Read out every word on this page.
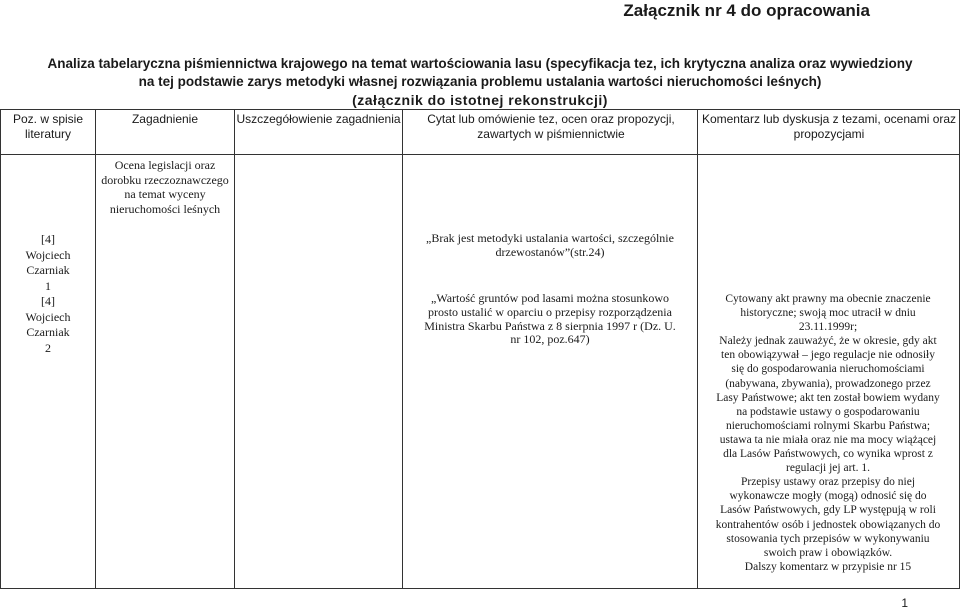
Załącznik nr 4 do opracowania
Analiza tabelaryczna piśmiennictwa krajowego na temat wartościowania lasu (specyfikacja tez, ich krytyczna analiza oraz wywiedziony
na tej podstawie zarys metodyki własnej rozwiązania problemu ustalania wartości nieruchomości leśnych)
(załącznik do istotnej rekonstrukcji)
Poz. w spisie literatury
Zagadnienie	Uszczegółowienie zagadnienia	Cytat lub omówienie tez, ocen oraz propozycji, zawartych w piśmiennictwie
Komentarz lub dyskusja z tezami, ocenami oraz propozycjami
[4]
Wojciech
Czarniak
1
[4]
Wojciech
Czarniak
2
Ocena legislacji oraz dorobku rzeczoznawczego na temat wyceny nieruchomości leśnych
„Brak jest metodyki ustalania wartości, szczególnie
drzewostanów”(str.24)
„Wartość gruntów pod lasami można stosunkowo
prosto ustalić w oparciu o przepisy rozporządzenia
Ministra Skarbu Państwa z 8 sierpnia 1997 r (Dz. U.
nr 102, poz.647)
Cytowany akt prawny ma obecnie znaczenie
historyczne; swoją moc utracił w dniu
23.11.1999r;
Należy jednak zauważyć, że w okresie, gdy akt
ten obowiązywał – jego regulacje nie odnosiły
się do gospodarowania nieruchomościami
(nabywana, zbywania), prowadzonego przez
Lasy Państwowe; akt ten został bowiem wydany
na podstawie ustawy o gospodarowaniu
nieruchomościami rolnymi Skarbu Państwa;
ustawa ta nie miała oraz nie ma mocy wiążącej
dla Lasów Państwowych, co wynika wprost z
regulacji jej art. 1.
Przepisy ustawy oraz przepisy do niej
wykonawcze mogły (mogą) odnosić się do
Lasów Państwowych, gdy LP występują w roli
kontrahentów osób i jednostek obowiązanych do
stosowania tych przepisów w wykonywaniu
swoich praw i obowiązków.
Dalszy komentarz w przypisie nr 15
1
